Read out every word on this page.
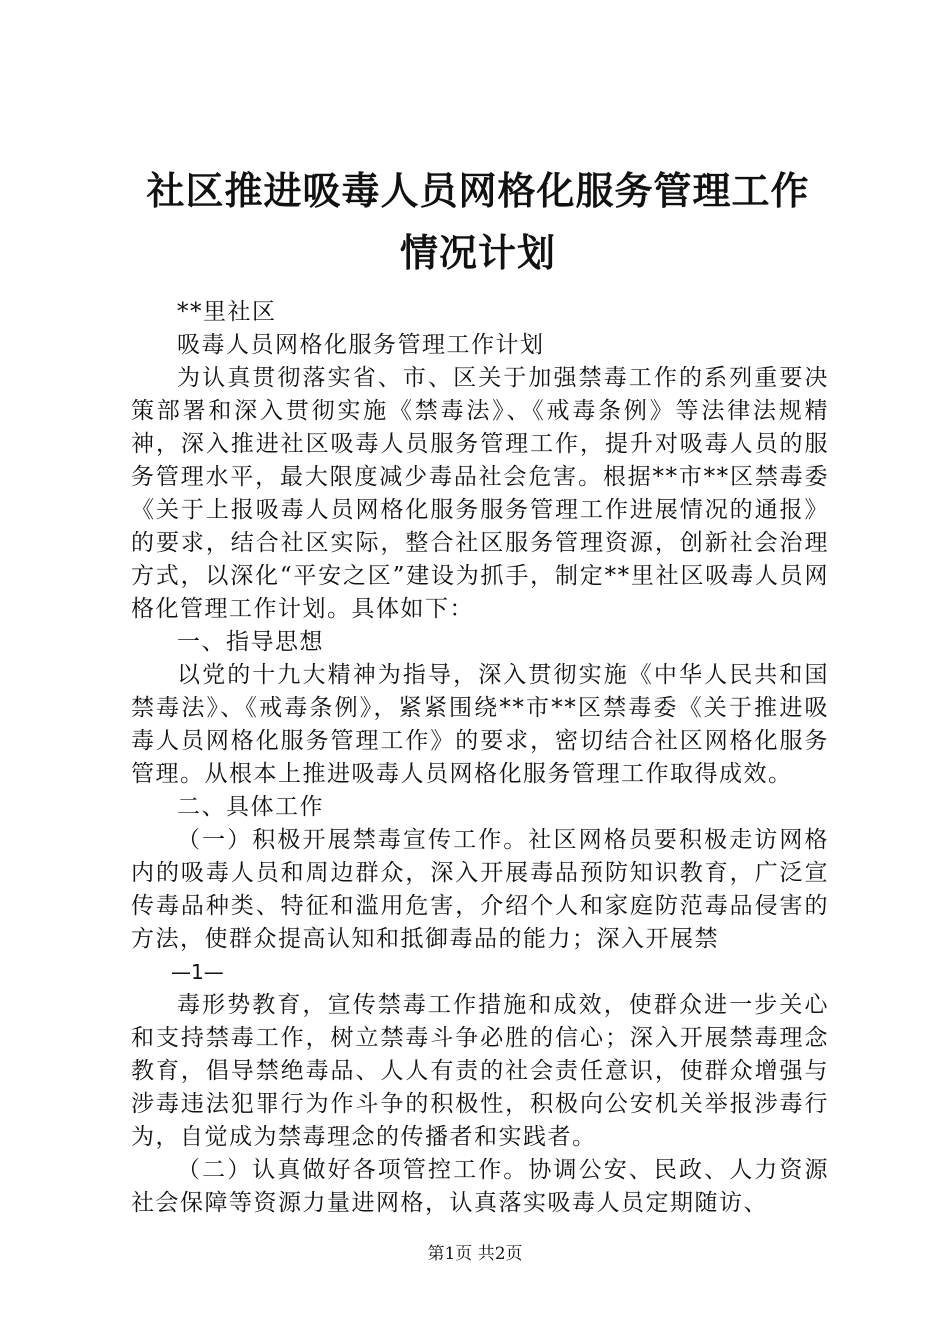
社区推进吸毒人员网格化服务管理工作情况计划

**里社区

吸毒人员网格化服务管理工作计划

为认真贯彻落实省、市、区关于加强禁毒工作的系列重要决策部署和深入贯彻实施《禁毒法》、《戒毒条例》等法律法规精神，深入推进社区吸毒人员服务管理工作，提升对吸毒人员的服务管理水平，最大限度减少毒品社会危害。根据**市**区禁毒委《关于上报吸毒人员网格化服务服务管理工作进展情况的通报》的要求，结合社区实际，整合社区服务管理资源，创新社会治理方式，以深化“平安之区”建设为抓手，制定**里社区吸毒人员网格化管理工作计划。具体如下：

一、指导思想

以党的十九大精神为指导，深入贯彻实施《中华人民共和国禁毒法》、《戒毒条例》，紧紧围绕**市**区禁毒委《关于推进吸毒人员网格化服务管理工作》的要求，密切结合社区网格化服务管理。从根本上推进吸毒人员网格化服务管理工作取得成效。

二、具体工作

（一）积极开展禁毒宣传工作。社区网格员要积极走访网格内的吸毒人员和周边群众，深入开展毒品预防知识教育，广泛宣传毒品种类、特征和滥用危害，介绍个人和家庭防范毒品侵害的方法，使群众提高认知和抵御毒品的能力；深入开展禁

—1—

毒形势教育，宣传禁毒工作措施和成效，使群众进一步关心和支持禁毒工作，树立禁毒斗争必胜的信心；深入开展禁毒理念教育，倡导禁绝毒品、人人有责的社会责任意识，使群众增强与涉毒违法犯罪行为作斗争的积极性，积极向公安机关举报涉毒行为，自觉成为禁毒理念的传播者和实践者。

（二）认真做好各项管控工作。协调公安、民政、人力资源社会保障等资源力量进网格，认真落实吸毒人员定期随访、

第1页 共2页
